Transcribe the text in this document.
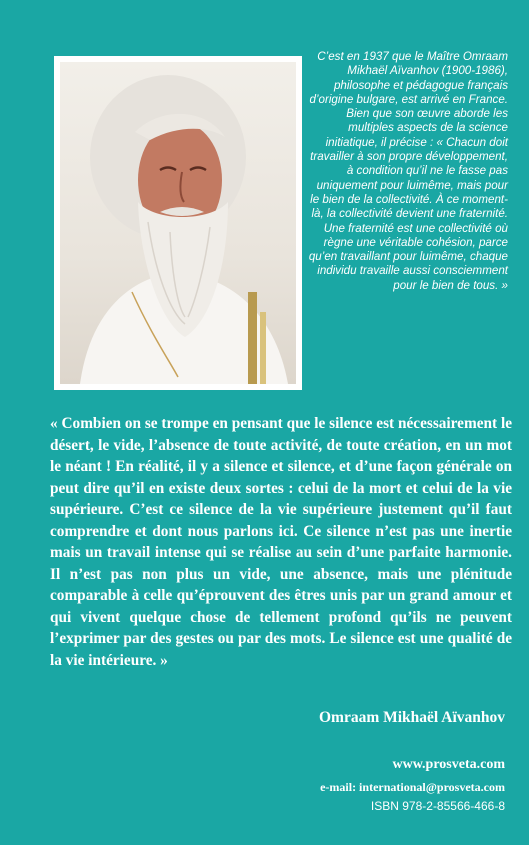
C’est en 1937 que le Maître Omraam Mikhaël Aïvanhov (1900-1986), philosophe et pédagogue français d’origine bulgare, est arrivé en France. Bien que son œuvre aborde les multiples aspects de la science initiatique, il précise : « Chacun doit travailler à son propre développement, à condition qu’il ne le fasse pas uniquement pour luimême, mais pour le bien de la collectivité. À ce moment-là, la collectivité devient une fraternité. Une fraternité est une collectivité où règne une véritable cohésion, parce qu’en travaillant pour luimême, chaque individu travaille aussi consciemment pour le bien de tous. »
« Combien on se trompe en pensant que le silence est nécessairement le désert, le vide, l’absence de toute activité, de toute création, en un mot le néant ! En réalité, il y a silence et silence, et d’une façon générale on peut dire qu’il en existe deux sortes : celui de la mort et celui de la vie supérieure. C’est ce silence de la vie supérieure justement qu’il faut comprendre et dont nous parlons ici. Ce silence n’est pas une inertie mais un travail intense qui se réalise au sein d’une parfaite harmonie. Il n’est pas non plus un vide, une absence, mais une plénitude comparable à celle qu’éprouvent des êtres unis par un grand amour et qui vivent quelque chose de tellement profond qu’ils ne peuvent l’exprimer par des gestes ou par des mots. Le silence est une qualité de la vie intérieure. »
Omraam Mikhaël Aïvanhov
www.prosveta.com
e-mail: international@prosveta.com
ISBN 978-2-85566-466-8
